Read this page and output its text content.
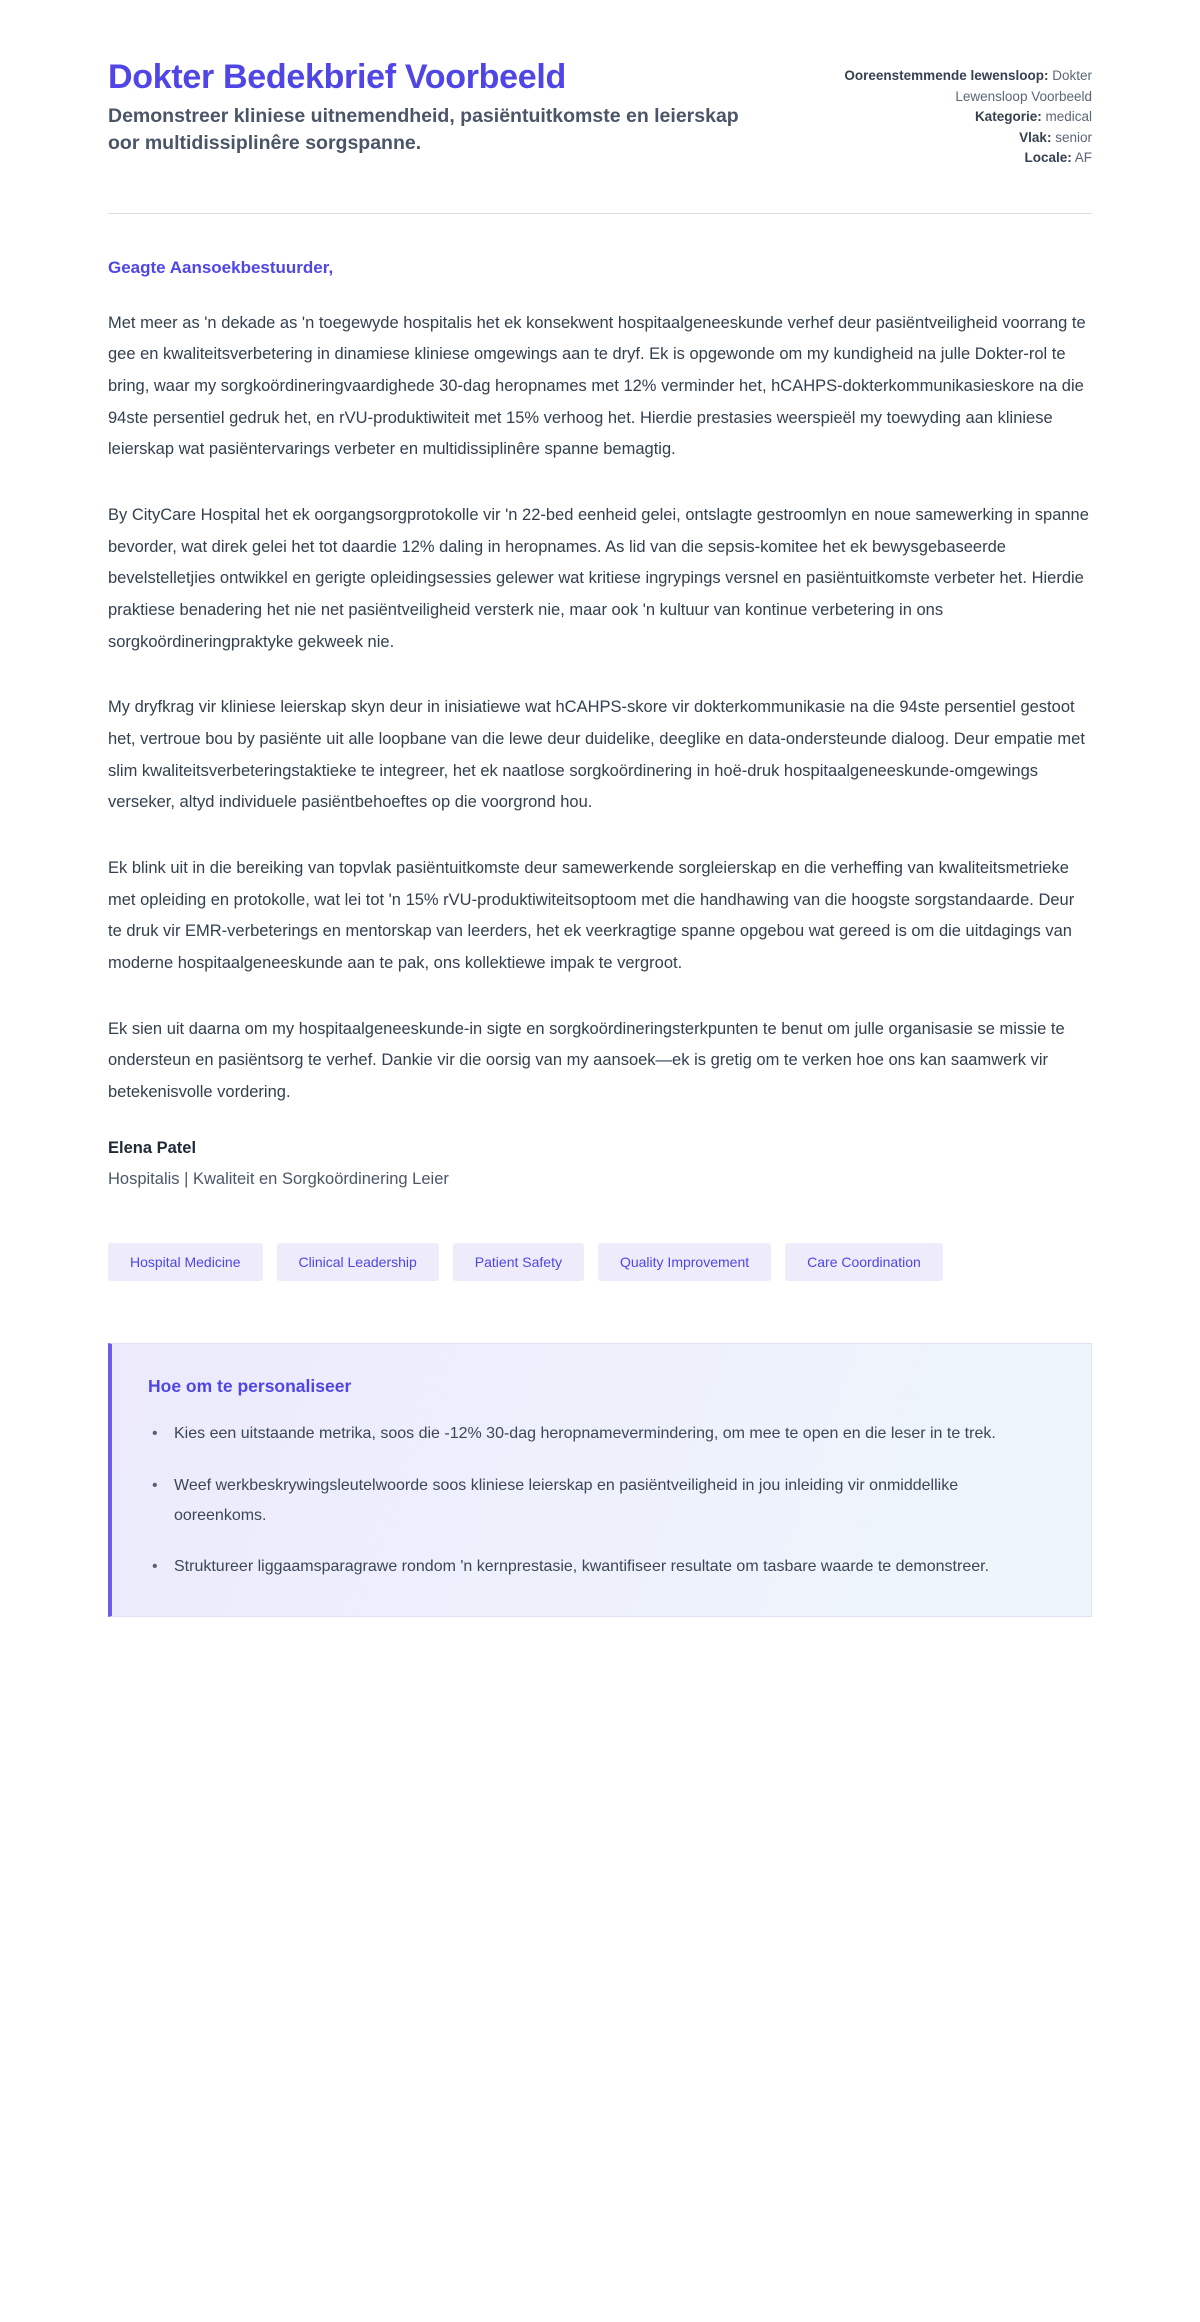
Dokter Bedekbrief Voorbeeld

Demonstreer kliniese uitnemendheid, pasiëntuitkomste en leierskap oor multidissiplinêre sorgspanne.

Ooreenstemmende lewensloop: Dokter Lewensloop Voorbeeld
Kategorie: medical
Vlak: senior
Locale: AF

Geagte Aansoekbestuurder,

Met meer as 'n dekade as 'n toegewyde hospitalis het ek konsekwent hospitaalgeneeskunde verhef deur pasiëntveiligheid voorrang te gee en kwaliteitsverbetering in dinamiese kliniese omgewings aan te dryf. Ek is opgewonde om my kundigheid na julle Dokter-rol te bring, waar my sorgkoördineringvaardighede 30-dag heropnames met 12% verminder het, hCAHPS-dokterkommunikasieskore na die 94ste persentiel gedruk het, en rVU-produktiwiteit met 15% verhoog het. Hierdie prestasies weerspieël my toewyding aan kliniese leierskap wat pasiëntervarings verbeter en multidissiplinêre spanne bemagtig.

By CityCare Hospital het ek oorgangsorgprotokolle vir 'n 22-bed eenheid gelei, ontslagte gestroomlyn en noue samewerking in spanne bevorder, wat direk gelei het tot daardie 12% daling in heropnames. As lid van die sepsis-komitee het ek bewysgebaseerde bevelstelletjies ontwikkel en gerigte opleidingsessies gelewer wat kritiese ingrypings versnel en pasiëntuitkomste verbeter het. Hierdie praktiese benadering het nie net pasiëntveiligheid versterk nie, maar ook 'n kultuur van kontinue verbetering in ons sorgkoördineringpraktyke gekweek nie.

My dryfkrag vir kliniese leierskap skyn deur in inisiatiewe wat hCAHPS-skore vir dokterkommunikasie na die 94ste persentiel gestoot het, vertroue bou by pasiënte uit alle loopbane van die lewe deur duidelike, deeglike en data-ondersteunde dialoog. Deur empatie met slim kwaliteitsverbeteringstaktieke te integreer, het ek naatlose sorgkoördinering in hoë-druk hospitaalgeneeskunde-omgewings verseker, altyd individuele pasiëntbehoeftes op die voorgrond hou.

Ek blink uit in die bereiking van topvlak pasiëntuitkomste deur samewerkende sorgleierskap en die verheffing van kwaliteitsmetrieke met opleiding en protokolle, wat lei tot 'n 15% rVU-produktiwiteitsoptoom met die handhawing van die hoogste sorgstandaarde. Deur te druk vir EMR-verbeterings en mentorskap van leerders, het ek veerkragtige spanne opgebou wat gereed is om die uitdagings van moderne hospitaalgeneeskunde aan te pak, ons kollektiewe impak te vergroot.

Ek sien uit daarna om my hospitaalgeneeskunde-in sigte en sorgkoördineringsterkpunten te benut om julle organisasie se missie te ondersteun en pasiëntsorg te verhef. Dankie vir die oorsig van my aansoek—ek is gretig om te verken hoe ons kan saamwerk vir betekenisvolle vordering.

Elena Patel

Hospitalis | Kwaliteit en Sorgkoördinering Leier

Hospital Medicine	Clinical Leadership	Patient Safety	Quality Improvement	Care Coordination
Hoe om te personaliseer
• Kies een uitstaande metrika, soos die -12% 30-dag heropnamevermindering, om mee te open en die leser in te trek.
• Weef werkbeskrywingsleutelwoorde soos kliniese leierskap en pasiëntveiligheid in jou inleiding vir onmiddellike ooreenkoms.
• Struktureer liggaamsparagrawe rondom 'n kernprestasie, kwantifiseer resultate om tasbare waarde te demonstreer.
